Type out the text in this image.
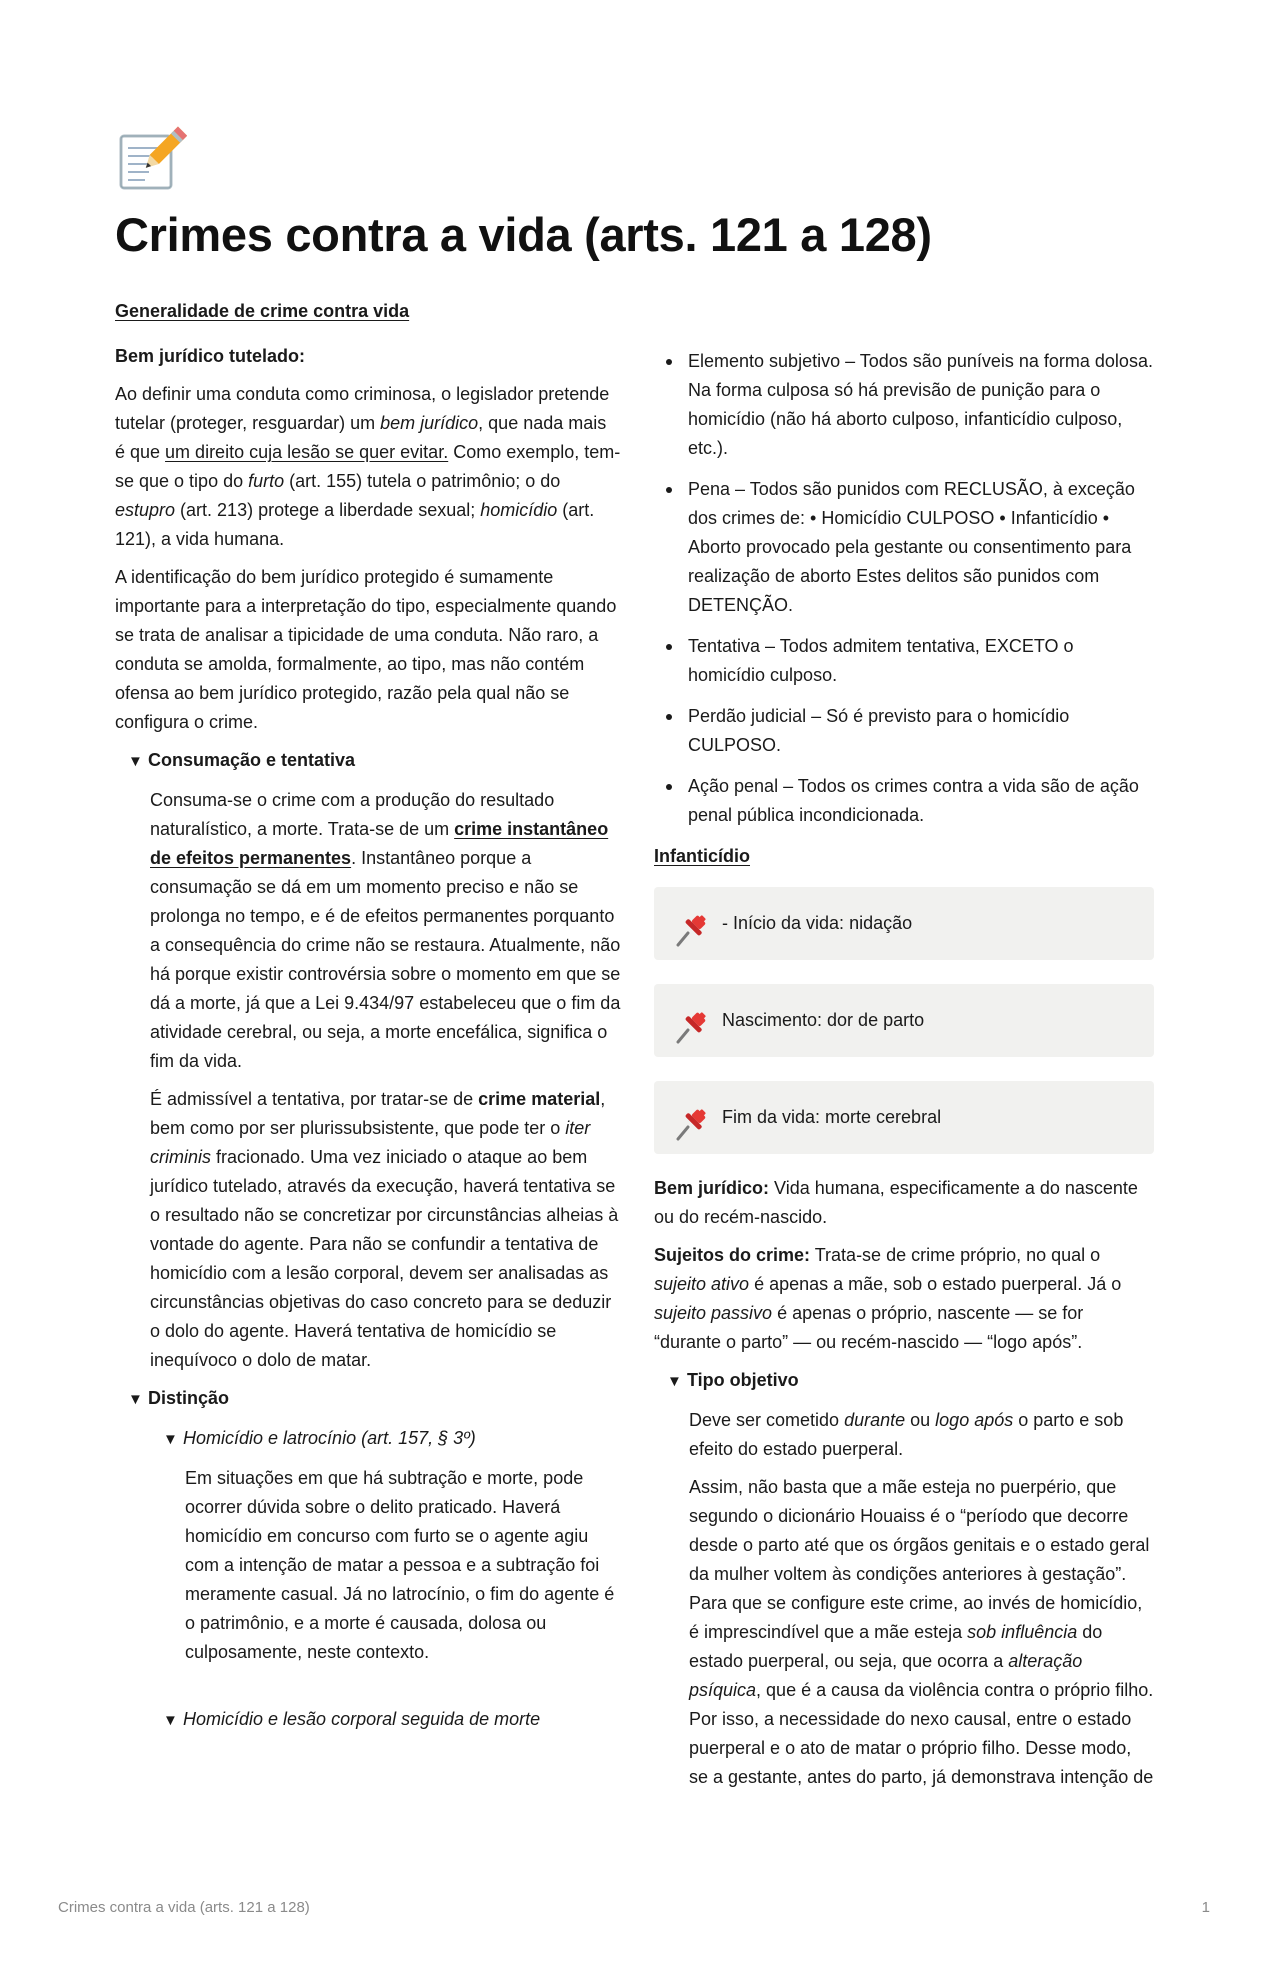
Crimes contra a vida (arts. 121 a 128)

Generalidade de crime contra vida

Bem jurídico tutelado:

Ao definir uma conduta como criminosa, o legislador pretende tutelar (proteger, resguardar) um bem jurídico, que nada mais é que um direito cuja lesão se quer evitar. Como exemplo, tem-se que o tipo do furto (art. 155) tutela o patrimônio; o do estupro (art. 213) protege a liberdade sexual; homicídio (art. 121), a vida humana.

A identificação do bem jurídico protegido é sumamente importante para a interpretação do tipo, especialmente quando se trata de analisar a tipicidade de uma conduta. Não raro, a conduta se amolda, formalmente, ao tipo, mas não contém ofensa ao bem jurídico protegido, razão pela qual não se configura o crime.

▼ Consumação e tentativa

Consuma-se o crime com a produção do resultado naturalístico, a morte. Trata-se de um crime instantâneo de efeitos permanentes. Instantâneo porque a consumação se dá em um momento preciso e não se prolonga no tempo, e é de efeitos permanentes porquanto a consequência do crime não se restaura. Atualmente, não há porque existir controvérsia sobre o momento em que se dá a morte, já que a Lei 9.434/97 estabeleceu que o fim da atividade cerebral, ou seja, a morte encefálica, significa o fim da vida.

É admissível a tentativa, por tratar-se de crime material, bem como por ser plurissubsistente, que pode ter o iter criminis fracionado. Uma vez iniciado o ataque ao bem jurídico tutelado, através da execução, haverá tentativa se o resultado não se concretizar por circunstâncias alheias à vontade do agente. Para não se confundir a tentativa de homicídio com a lesão corporal, devem ser analisadas as circunstâncias objetivas do caso concreto para se deduzir o dolo do agente. Haverá tentativa de homicídio se inequívoco o dolo de matar.

▼ Distinção
▼ Homicídio e latrocínio (art. 157, § 3º)

Em situações em que há subtração e morte, pode ocorrer dúvida sobre o delito praticado. Haverá homicídio em concurso com furto se o agente agiu com a intenção de matar a pessoa e a subtração foi meramente casual. Já no latrocínio, o fim do agente é o patrimônio, e a morte é causada, dolosa ou culposamente, neste contexto.

▼ Homicídio e lesão corporal seguida de morte
Elemento subjetivo – Todos são puníveis na forma dolosa. Na forma culposa só há previsão de punição para o homicídio (não há aborto culposo, infanticídio culposo, etc.).
Pena – Todos são punidos com RECLUSÃO, à exceção dos crimes de: • Homicídio CULPOSO • Infanticídio • Aborto provocado pela gestante ou consentimento para realização de aborto Estes delitos são punidos com DETENÇÃO.
Tentativa – Todos admitem tentativa, EXCETO o homicídio culposo.
Perdão judicial – Só é previsto para o homicídio CULPOSO.
Ação penal – Todos os crimes contra a vida são de ação penal pública incondicionada.

Infanticídio

- Início da vida: nidação
Nascimento: dor de parto
Fim da vida: morte cerebral

Bem jurídico: Vida humana, especificamente a do nascente ou do recém-nascido.

Sujeitos do crime: Trata-se de crime próprio, no qual o sujeito ativo é apenas a mãe, sob o estado puerperal. Já o sujeito passivo é apenas o próprio, nascente — se for “durante o parto” — ou recém-nascido — “logo após”.

▼ Tipo objetivo

Deve ser cometido durante ou logo após o parto e sob efeito do estado puerperal.

Assim, não basta que a mãe esteja no puerpério, que segundo o dicionário Houaiss é o “período que decorre desde o parto até que os órgãos genitais e o estado geral da mulher voltem às condições anteriores à gestação”. Para que se configure este crime, ao invés de homicídio, é imprescindível que a mãe esteja sob influência do estado puerperal, ou seja, que ocorra a alteração psíquica, que é a causa da violência contra o próprio filho. Por isso, a necessidade do nexo causal, entre o estado puerperal e o ato de matar o próprio filho. Desse modo, se a gestante, antes do parto, já demonstrava intenção de

Crimes contra a vida (arts. 121 a 128)	1
